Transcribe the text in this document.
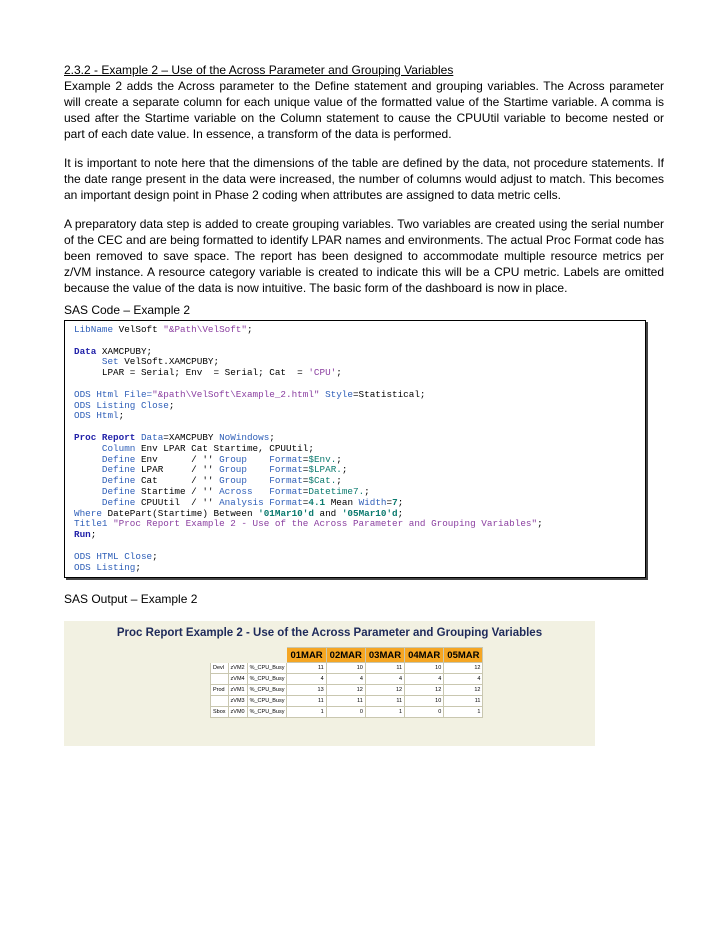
2.3.2 - Example 2 – Use of the Across Parameter and Grouping Variables

Example 2 adds the Across parameter to the Define statement and grouping variables. The Across parameter will create a separate column for each unique value of the formatted value of the Startime variable. A comma is used after the Startime variable on the Column statement to cause the CPUUtil variable to become nested or part of each date value. In essence, a transform of the data is performed.

It is important to note here that the dimensions of the table are defined by the data, not procedure statements. If the date range present in the data were increased, the number of columns would adjust to match. This becomes an important design point in Phase 2 coding when attributes are assigned to data metric cells.

A preparatory data step is added to create grouping variables. Two variables are created using the serial number of the CEC and are being formatted to identify LPAR names and environments. The actual Proc Format code has been removed to save space. The report has been designed to accommodate multiple resource metrics per z/VM instance. A resource category variable is created to indicate this will be a CPU metric. Labels are omitted because the value of the data is now intuitive. The basic form of the dashboard is now in place.

SAS Code – Example 2
LibName VelSoft "&Path\VelSoft";
Data XAMCPUBY;
Set VelSoft.XAMCPUBY;
LPAR = Serial; Env  = Serial; Cat  = 'CPU';
ODS Html File="&path\VelSoft\Example_2.html" Style=Statistical;
ODS Listing Close;
ODS Html;
Proc Report Data=XAMCPUBY NoWindows;
Column Env LPAR Cat Startime, CPUUtil;
Define Env      / '' Group Format=$Env.;
Define LPAR     / '' Group Format=$LPAR.;
Define Cat      / '' Group Format=$Cat.;
Define Startime / '' Across Format=Datetime7.;
Define CPUUtil  / '' Analysis Format=4.1 Mean Width=7;
Where DatePart(Startime) Between '01Mar10'd and '05Mar10'd;
Title1 "Proc Report Example 2 - Use of the Across Parameter and Grouping Variables";
Run;
ODS HTML Close;
ODS Listing;
SAS Output – Example 2
Proc Report Example 2 - Use of the Across Parameter and Grouping Variables
			01MAR	02MAR	03MAR	04MAR	05MAR
Devl	zVM2	%_CPU_Busy	11	10	11	10	12
	zVM4	%_CPU_Busy	4	4	4	4	4
Prod	zVM1	%_CPU_Busy	13	12	12	12	12
	zVM3	%_CPU_Busy	11	11	11	10	11
Sbox	zVM0	%_CPU_Busy	1	0	1	0	1
